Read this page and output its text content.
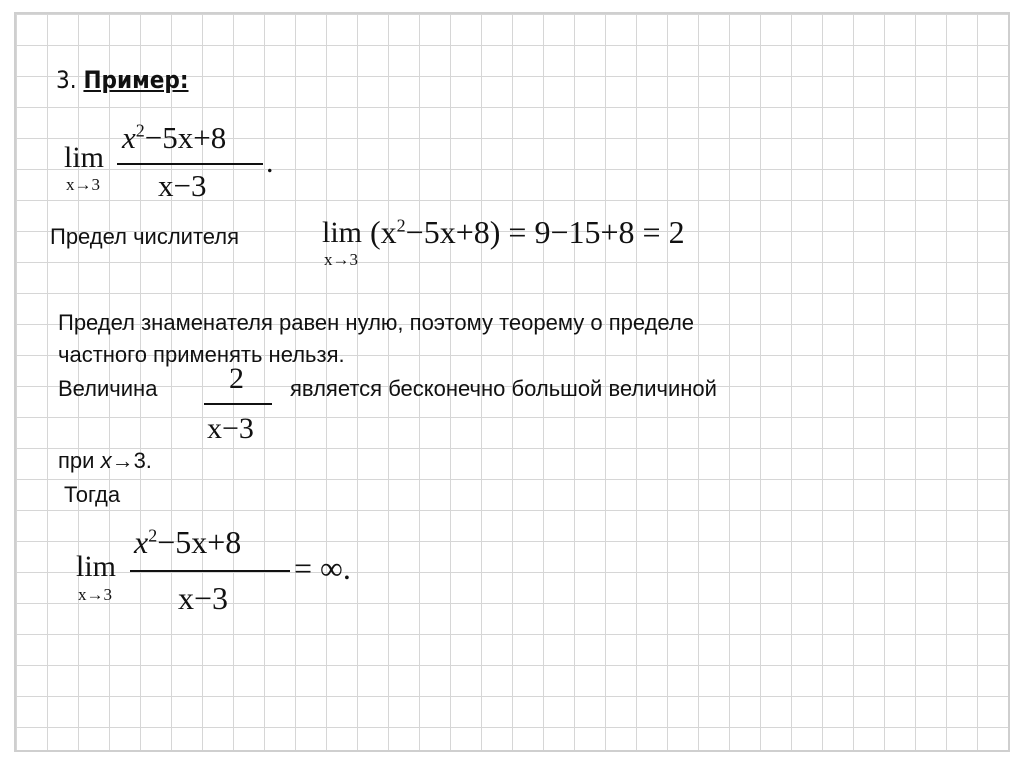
3. Пример:
lim
x→3
$x^2-5x+8$
x−3
.
Предел числителя	lim
x→3
$(x^2-5x+8) = 9-15+8 = 2$
Предел знаменателя равен нулю, поэтому теорему о пределе
частного применять нельзя.
Величина 2
x−3
является бесконечно большой величиной
при x→3.
Тогда
lim
x→3
$x^2-5x+8$
x−3
= ∞.
